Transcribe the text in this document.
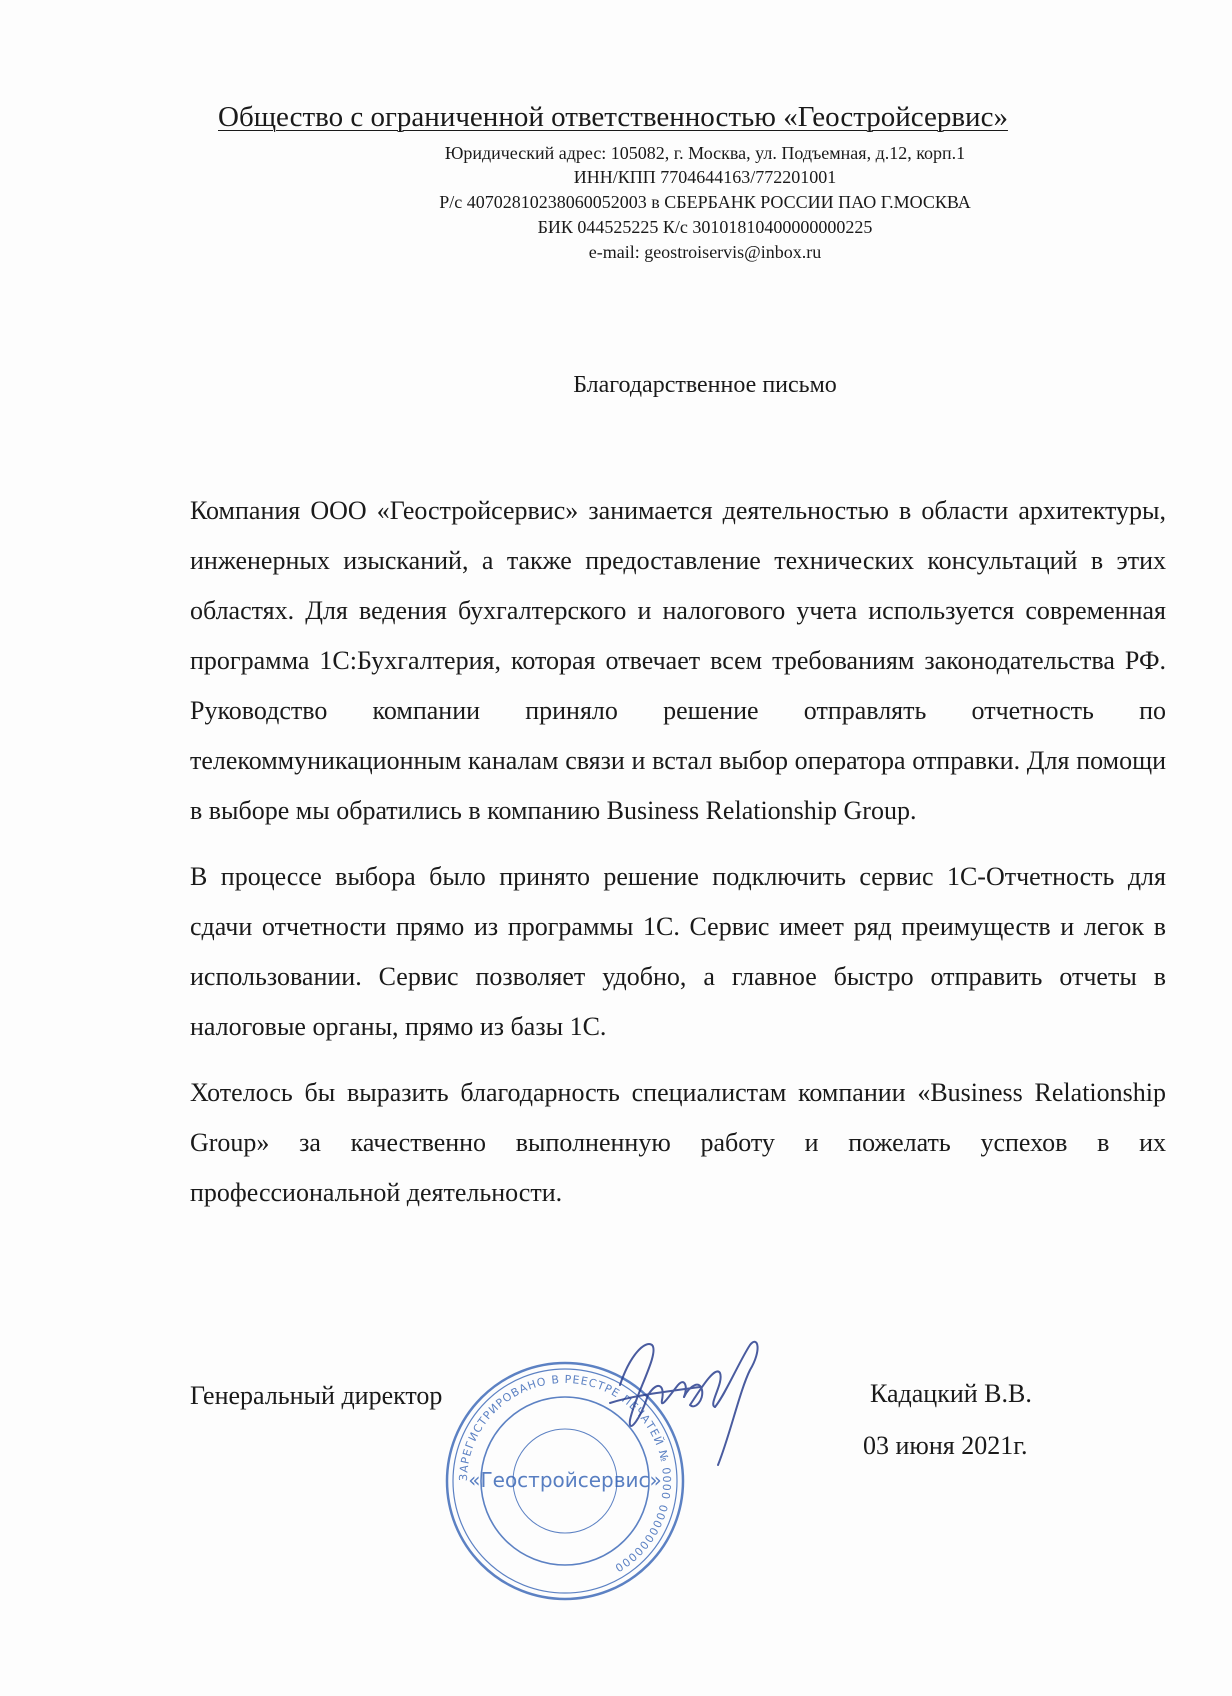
Общество с ограниченной ответственностью «Геостройсервис»
Юридический адрес: 105082, г. Москва, ул. Подъемная, д.12, корп.1
ИНН/КПП 7704644163/772201001
Р/с 40702810238060052003 в СБЕРБАНК РОССИИ ПАО Г.МОСКВА
БИК 044525225 К/с 30101810400000000225
e-mail: geostroiservis@inbox.ru
Благодарственное письмо

Компания ООО «Геостройсервис» занимается деятельностью в области архитектуры, инженерных изысканий, а также предоставление технических консультаций в этих областях. Для ведения бухгалтерского и налогового учета используется современная программа 1С:Бухгалтерия, которая отвечает всем требованиям законодательства РФ. Руководство компании приняло решение отправлять отчетность по телекоммуникационным каналам связи и встал выбор оператора отправки. Для помощи в выборе мы обратились в компанию Business Relationship Group.

В процессе выбора было принято решение подключить сервис 1С-Отчетность для сдачи отчетности прямо из программы 1С. Сервис имеет ряд преимуществ и легок в использовании. Сервис позволяет удобно, а главное быстро отправить отчеты в налоговые органы, прямо из базы 1С.

Хотелось бы выразить благодарность специалистам компании «Business Relationship Group» за качественно выполненную работу и пожелать успехов в их профессиональной деятельности.

Генеральный директор
ЗАРЕГИСТРИРОВАНО В РЕЕСТРЕ ПЕЧАТЕЙ № 0000 0000000000
«Геостройсервис»
Кадацкий В.В.
03 июня 2021г.
